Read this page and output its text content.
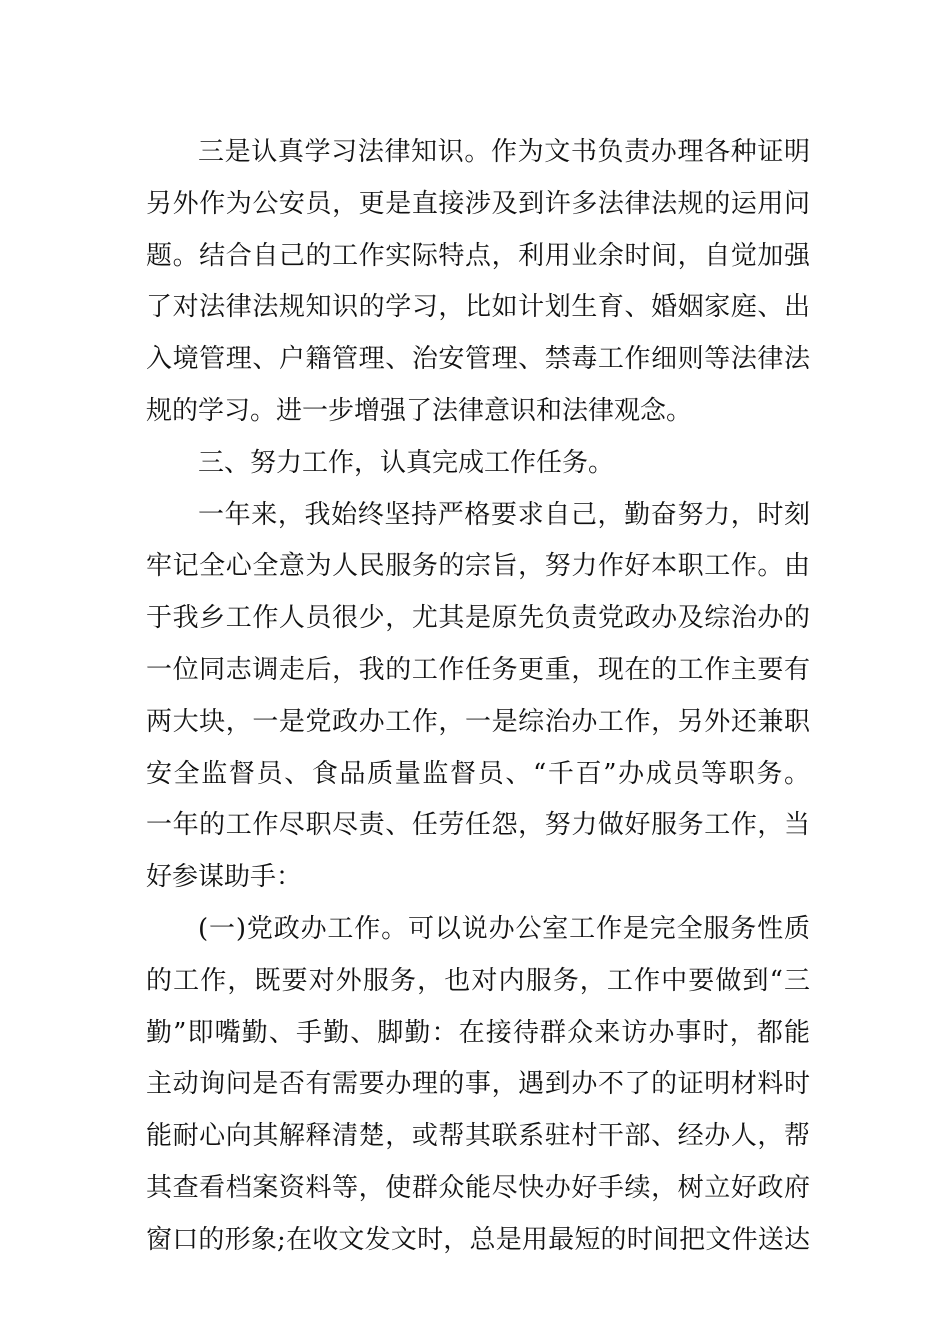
三是认真学习法律知识。作为文书负责办理各种证明
另外作为公安员，更是直接涉及到许多法律法规的运用问
题。结合自己的工作实际特点，利用业余时间，自觉加强
了对法律法规知识的学习，比如计划生育、婚姻家庭、出
入境管理、户籍管理、治安管理、禁毒工作细则等法律法
规的学习。进一步增强了法律意识和法律观念。
三、努力工作，认真完成工作任务。
一年来，我始终坚持严格要求自己，勤奋努力，时刻
牢记全心全意为人民服务的宗旨，努力作好本职工作。由
于我乡工作人员很少，尤其是原先负责党政办及综治办的
一位同志调走后，我的工作任务更重，现在的工作主要有
两大块，一是党政办工作，一是综治办工作，另外还兼职
安全监督员、食品质量监督员、“千百”办成员等职务。
一年的工作尽职尽责、任劳任怨，努力做好服务工作，当
好参谋助手：
(一)党政办工作。可以说办公室工作是完全服务性质
的工作，既要对外服务，也对内服务，工作中要做到“三
勤”即嘴勤、手勤、脚勤：在接待群众来访办事时，都能
主动询问是否有需要办理的事，遇到办不了的证明材料时
能耐心向其解释清楚，或帮其联系驻村干部、经办人，帮
其查看档案资料等，使群众能尽快办好手续，树立好政府
窗口的形象;在收文发文时，总是用最短的时间把文件送达
